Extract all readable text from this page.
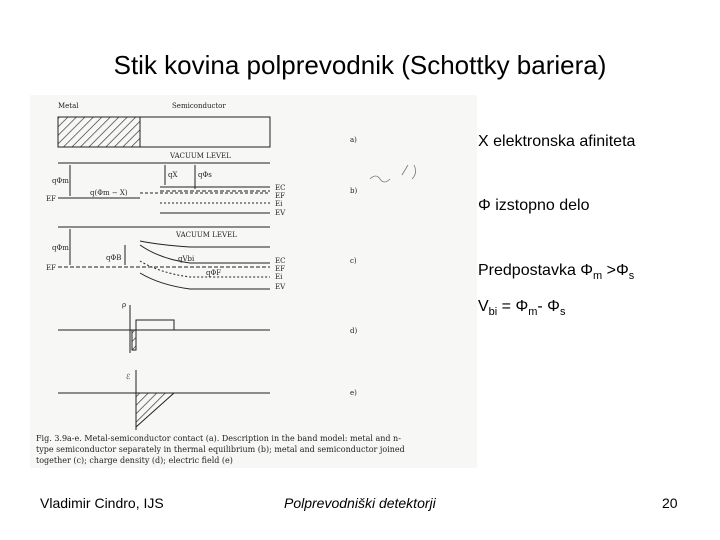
Stik kovina polprevodnik (Schottky bariera)
Metal	Semiconductor
a)
VACUUM LEVEL
EF
qΦm
q(Φm − Χ)
qΧ	qΦs
EC
EF
Ei
EV
b)
VACUUM LEVEL
EF
qΦm
qΦB	qVbi
qΦF
EC
EF
Ei
EV
c)
ρ
d)
ℰ
e)
Fig. 3.9a-e. Metal-semiconductor contact (a). Description in the band model: metal and n-
type semiconductor separately in thermal equilibrium (b); metal and semiconductor joined
together (c); charge density (d); electric field (e)
Χ elektronska afiniteta
Φ izstopno delo
Predpostavka $\Phi_m >\Phi_s$
$V_{bi} = \Phi_m-$ $\Phi_s$
Vladimir Cindro, IJS	Polprevodniški detektorji	20
